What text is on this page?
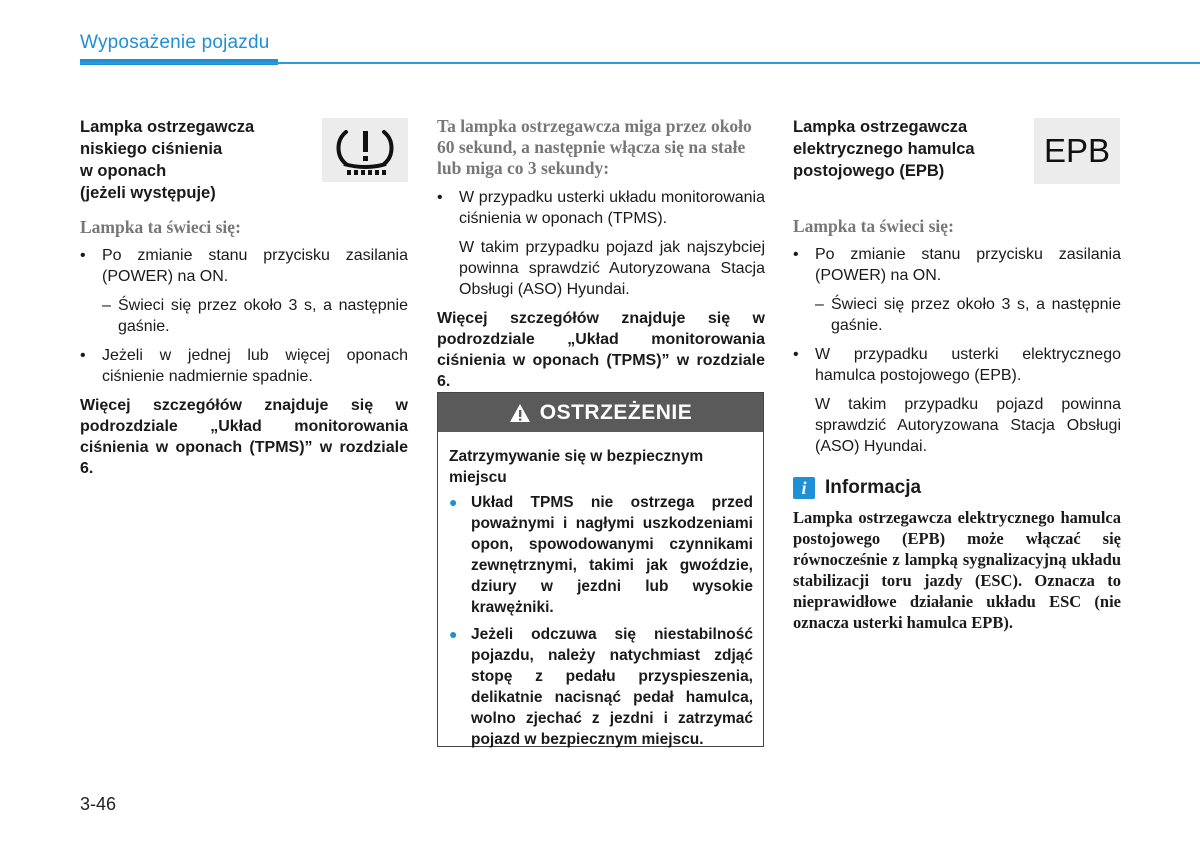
Wyposażenie pojazdu

Lampka ostrzegawcza

niskiego ciśnienia

w oponach

(jeżeli występuje)

Lampka ta świeci się:
•	Po zmianie stanu przycisku zasilania (POWER) na ON.
– Świeci się przez około 3 s, a następnie gaśnie.
•	Jeżeli w jednej lub więcej oponach ciśnienie nadmiernie spadnie.
Więcej szczegółów znajduje się w podrozdziale „Układ monitorowania ciśnienia w oponach (TPMS)” w rozdziale 6.
Ta lampka ostrzegawcza miga przez około 60 sekund, a następnie włącza się na stałe lub miga co 3 sekundy:
•	W przypadku usterki układu monitorowania ciśnienia w oponach (TPMS).
W takim przypadku pojazd jak najszybciej powinna sprawdzić Autoryzowana Stacja Obsługi (ASO) Hyundai.
Więcej szczegółów znajduje się w podrozdziale „Układ monitorowania ciśnienia w oponach (TPMS)” w rozdziale 6.
OSTRZEŻENIE
Zatrzymywanie się w bezpiecznym miejscu
● Układ TPMS nie ostrzega przed poważnymi i nagłymi uszkodzeniami opon, spowodowanymi czynnikami zewnętrznymi, takimi jak gwoździe, dziury w jezdni lub wysokie krawężniki.
● Jeżeli odczuwa się niestabilność pojazdu, należy natychmiast zdjąć stopę z pedału przyspieszenia, delikatnie nacisnąć pedał hamulca, wolno zjechać z jezdni i zatrzymać pojazd w bezpiecznym miejscu.
EPB

Lampka ostrzegawcza

elektrycznego hamulca

postojowego (EPB)

Lampka ta świeci się:
•	Po zmianie stanu przycisku zasilania (POWER) na ON.
– Świeci się przez około 3 s, a następnie gaśnie.
•	W przypadku usterki elektrycznego hamulca postojowego (EPB).
W takim przypadku pojazd powinna sprawdzić Autoryzowana Stacja Obsługi (ASO) Hyundai.
i Informacja
Lampka ostrzegawcza elektrycznego hamulca postojowego (EPB) może włączać się równocześnie z lampką sygnalizacyjną układu stabilizacji toru jazdy (ESC). Oznacza to nieprawidłowe działanie układu ESC (nie oznacza usterki hamulca EPB).
3-46
